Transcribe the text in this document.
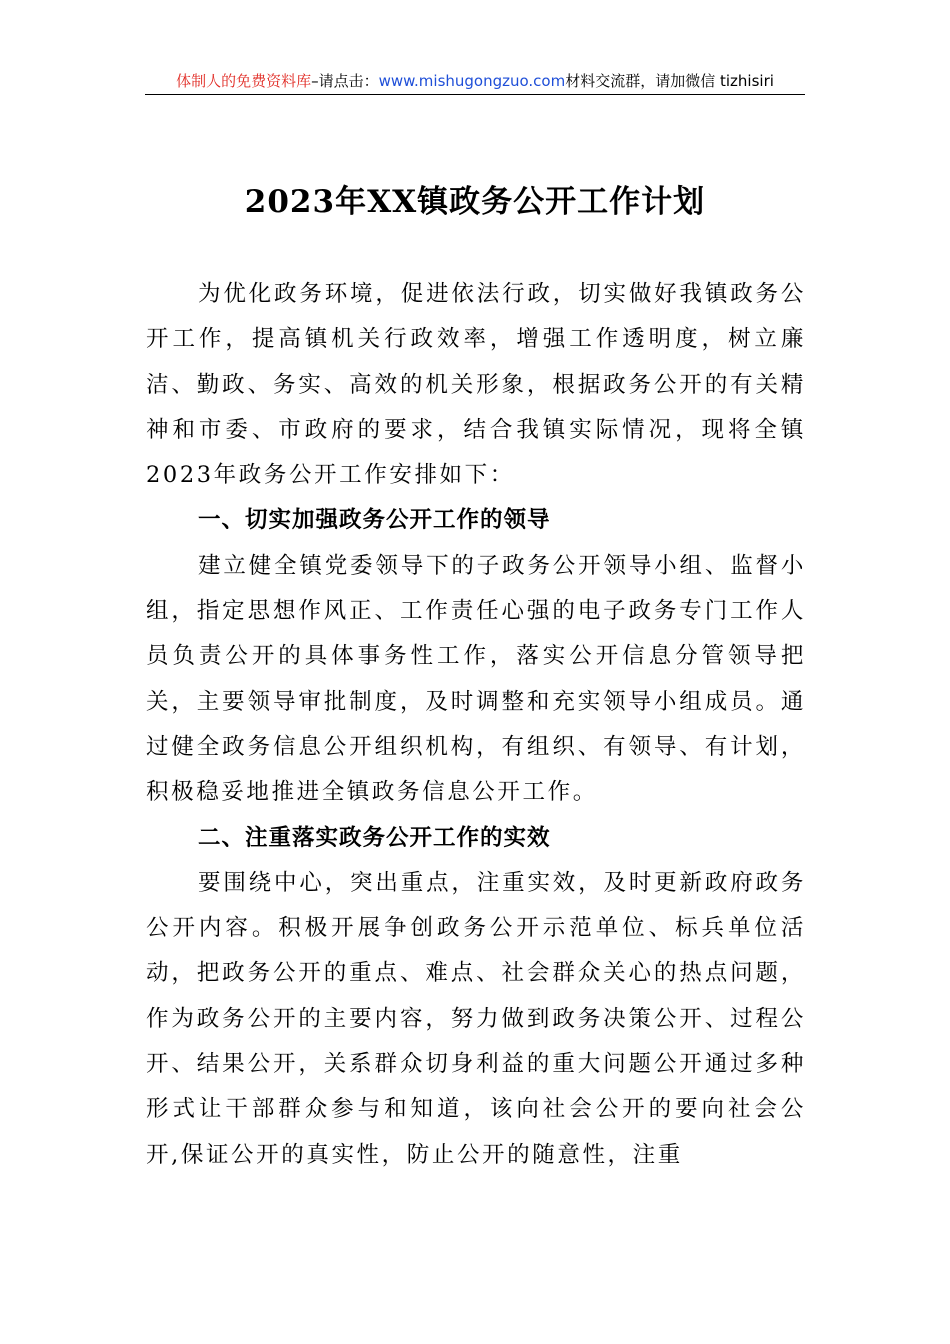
体制人的免费资料库–请点击：www.mishugongzuo.com材料交流群，请加微信 tizhisiri
2023年XX镇政务公开工作计划

为优化政务环境，促进依法行政，切实做好我镇政务公开工作，提高镇机关行政效率，增强工作透明度，树立廉洁、勤政、务实、高效的机关形象，根据政务公开的有关精神和市委、市政府的要求，结合我镇实际情况，现将全镇2023年政务公开工作安排如下：

一、切实加强政务公开工作的领导

建立健全镇党委领导下的子政务公开领导小组、监督小组，指定思想作风正、工作责任心强的电子政务专门工作人员负责公开的具体事务性工作，落实公开信息分管领导把关，主要领导审批制度，及时调整和充实领导小组成员。通过健全政务信息公开组织机构，有组织、有领导、有计划，积极稳妥地推进全镇政务信息公开工作。

二、注重落实政务公开工作的实效

要围绕中心，突出重点，注重实效，及时更新政府政务公开内容。积极开展争创政务公开示范单位、标兵单位活动，把政务公开的重点、难点、社会群众关心的热点问题，作为政务公开的主要内容，努力做到政务决策公开、过程公开、结果公开，关系群众切身利益的重大问题公开通过多种形式让干部群众参与和知道，该向社会公开的要向社会公开,保证公开的真实性，防止公开的随意性，注重
